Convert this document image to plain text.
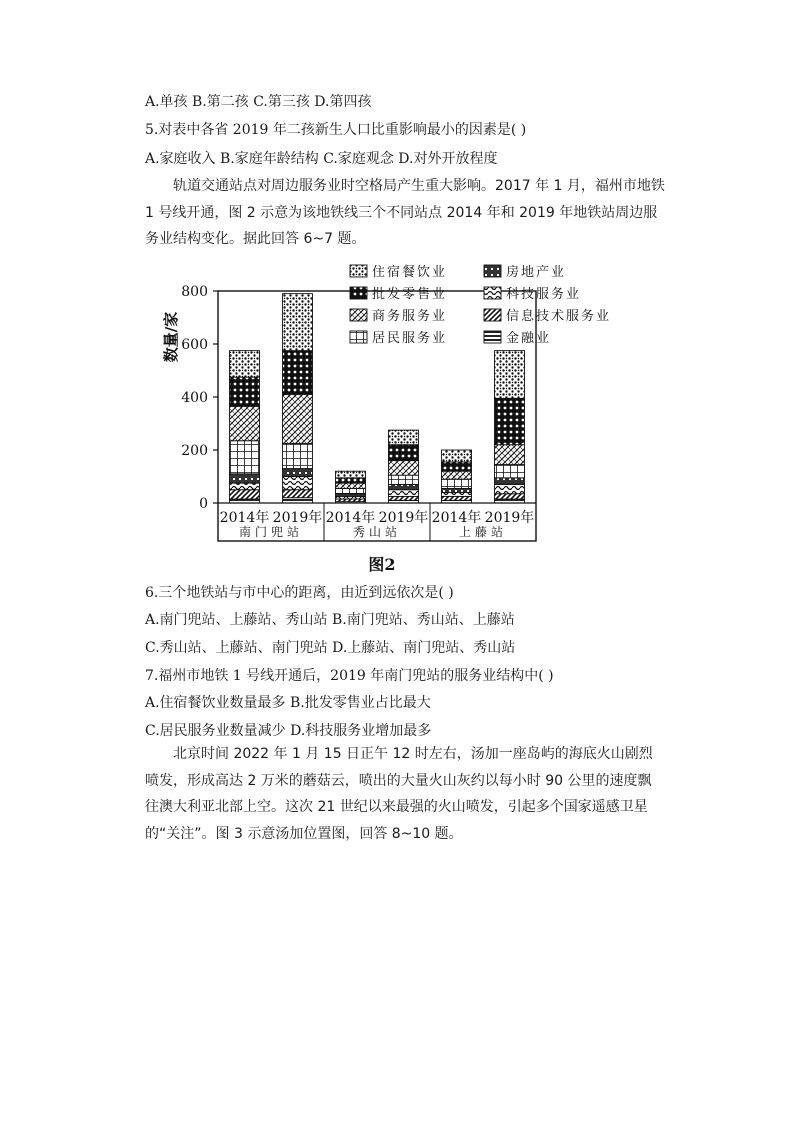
A.单孩 B.第二孩 C.第三孩 D.第四孩
5.对表中各省 2019 年二孩新生人口比重影响最小的因素是( )
A.家庭收入 B.家庭年龄结构 C.家庭观念 D.对外开放程度
轨道交通站点对周边服务业时空格局产生重大影响。2017 年 1 月，福州市地铁 1 号线开通，图 2 示意为该地铁线三个不同站点 2014 年和 2019 年地铁站周边服务业结构变化。据此回答 6~7 题。
数量/家
0
200
400
600
800
2014年 2019年 2014年 2019年 2014年 2019年
南门兜站	秀山站	上藤站
住宿餐饮业	房地产业
批发零售业	科技服务业
商务服务业	信息技术服务业
居民服务业	金融业
图2
6.三个地铁站与市中心的距离，由近到远依次是( )
A.南门兜站、上藤站、秀山站 B.南门兜站、秀山站、上藤站
C.秀山站、上藤站、南门兜站 D.上藤站、南门兜站、秀山站
7.福州市地铁 1 号线开通后，2019 年南门兜站的服务业结构中( )
A.住宿餐饮业数量最多 B.批发零售业占比最大
C.居民服务业数量减少 D.科技服务业增加最多
北京时间 2022 年 1 月 15 日正午 12 时左右，汤加一座岛屿的海底火山剧烈喷发，形成高达 2 万米的蘑菇云，喷出的大量火山灰约以每小时 90 公里的速度飘往澳大利亚北部上空。这次 21 世纪以来最强的火山喷发，引起多个国家遥感卫星的“关注”。图 3 示意汤加位置图，回答 8~10 题。
